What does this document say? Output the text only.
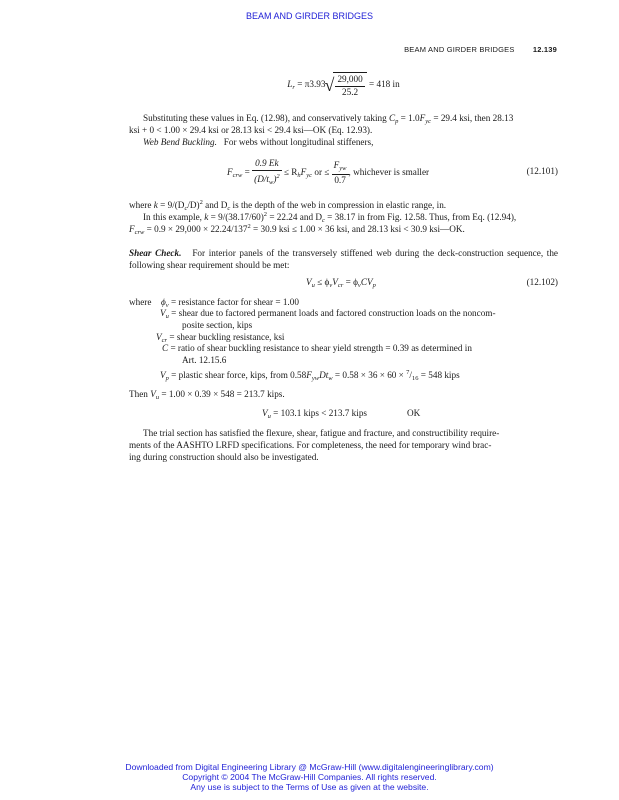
BEAM AND GIRDER BRIDGES
BEAM AND GIRDER BRIDGES 12.139
$L_r = \pi 3.93$
√ $\frac{29,000}{25.2} = 418$ in
Substituting these values in Eq. (12.98), and conservatively taking $C_p = 1.0F_{yc} = 29.4$ ksi, then 28.13
ksi + 0 < 1.00 × 29.4 ksi or 28.13 ksi < 29.4 ksi—OK (Eq. 12.93).
Web Bend Buckling. For webs without longitudinal stiffeners,
$F_{crw} = \frac{0.9 Ek}{(D/t_w)^2} \le R_hF_{yc}$ or ≤ $\frac{F_{yw}}{0.7}$ , whichever is smaller	(12.101)
where $k = 9/(D_c/D)^2$ and $D_c$ is the depth of the web in compression in elastic range, in.
In this example, $k = 9/(38.17/60)^2 = 22.24$ and $D_c = 38.17$ in from Fig. 12.58. Thus, from Eq. (12.94),
$F_{crw} = 0.9 \times 29,000 \times 22.24/137^2 = 30.9$ ksi ≤ 1.00 × 36 ksi, and 28.13 ksi < 30.9 ksi—OK.
Shear Check. For interior panels of the transversely stiffened web during the deck-construction sequence, the following shear requirement should be met:
$V_u \le \phi_vV_{cr} = \phi_vCV_p$	(12.102)
where $\phi_v$ = resistance factor for shear = 1.00
$V_u$ = shear due to factored permanent loads and factored construction loads on the noncom-
posite section, kips
$V_{cr}$ = shear buckling resistance, ksi
C = ratio of shear buckling resistance to shear yield strength = 0.39 as determined in
Art. 12.15.6
$V_p$ = plastic shear force, kips, from $0.58F_{yw}Dt_w = 0.58 \times 36 \times 60 \times ^7/_{16} = 548$ kips
Then $V_u = 1.00 \times 0.39 \times 548 = 213.7$ kips.
$V_u = 103.1$ kips < 213.7 kips	OK
The trial section has satisfied the flexure, shear, fatigue and fracture, and constructibility require-
ments of the AASHTO LRFD specifications. For completeness, the need for temporary wind brac-
ing during construction should also be investigated.
Downloaded from Digital Engineering Library @ McGraw-Hill (www.digitalengineeringlibrary.com)
Copyright © 2004 The McGraw-Hill Companies. All rights reserved.
Any use is subject to the Terms of Use as given at the website.
